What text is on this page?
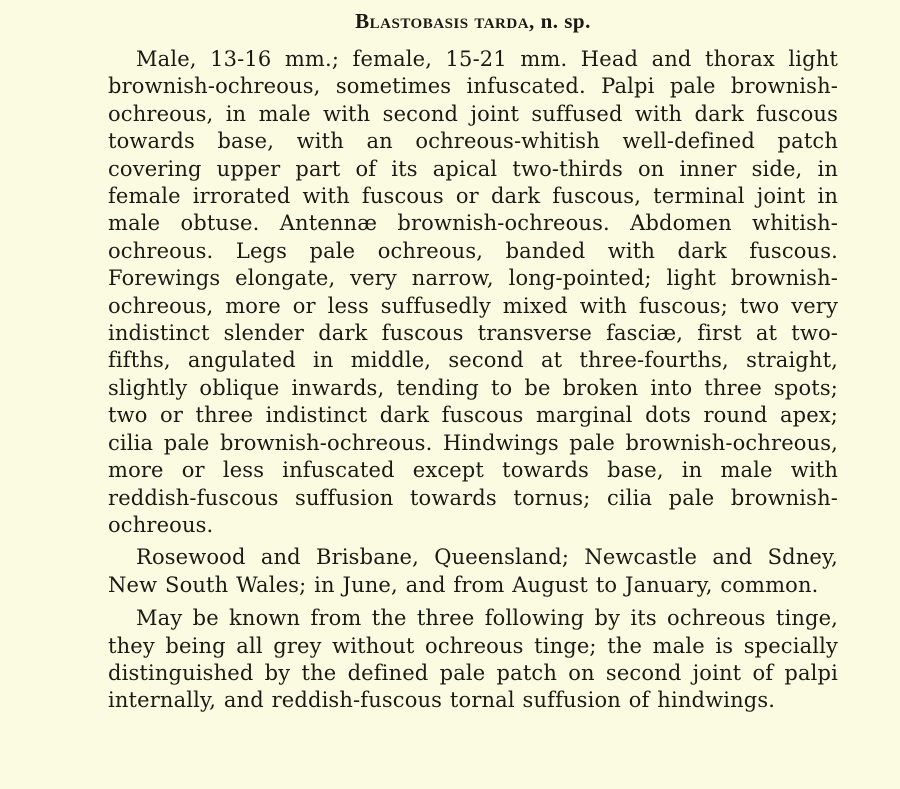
Blastobasis tarda, n. sp.

Male, 13-16 mm.; female, 15-21 mm. Head and thorax light brownish-ochreous, sometimes infuscated. Palpi pale brownish-ochreous, in male with second joint suffused with dark fuscous towards base, with an ochreous-whitish well-defined patch covering upper part of its apical two-thirds on inner side, in female irrorated with fuscous or dark fuscous, terminal joint in male obtuse. Antennæ brownish-ochreous. Abdomen whitish-ochreous. Legs pale ochreous, banded with dark fuscous. Forewings elongate, very narrow, long-pointed; light brownish-ochreous, more or less suffusedly mixed with fuscous; two very indistinct slender dark fuscous transverse fasciæ, first at two-fifths, angulated in middle, second at three-fourths, straight, slightly oblique inwards, tending to be broken into three spots; two or three indistinct dark fuscous marginal dots round apex; cilia pale brownish-ochreous. Hindwings pale brownish-ochreous, more or less infuscated except towards base, in male with reddish-fuscous suffusion towards tornus; cilia pale brownish-ochreous.

Rosewood and Brisbane, Queensland; Newcastle and Sdney, New South Wales; in June, and from August to January, common.

May be known from the three following by its ochreous tinge, they being all grey without ochreous tinge; the male is specially distinguished by the defined pale patch on second joint of palpi internally, and reddish-fuscous tornal suffusion of hindwings.
